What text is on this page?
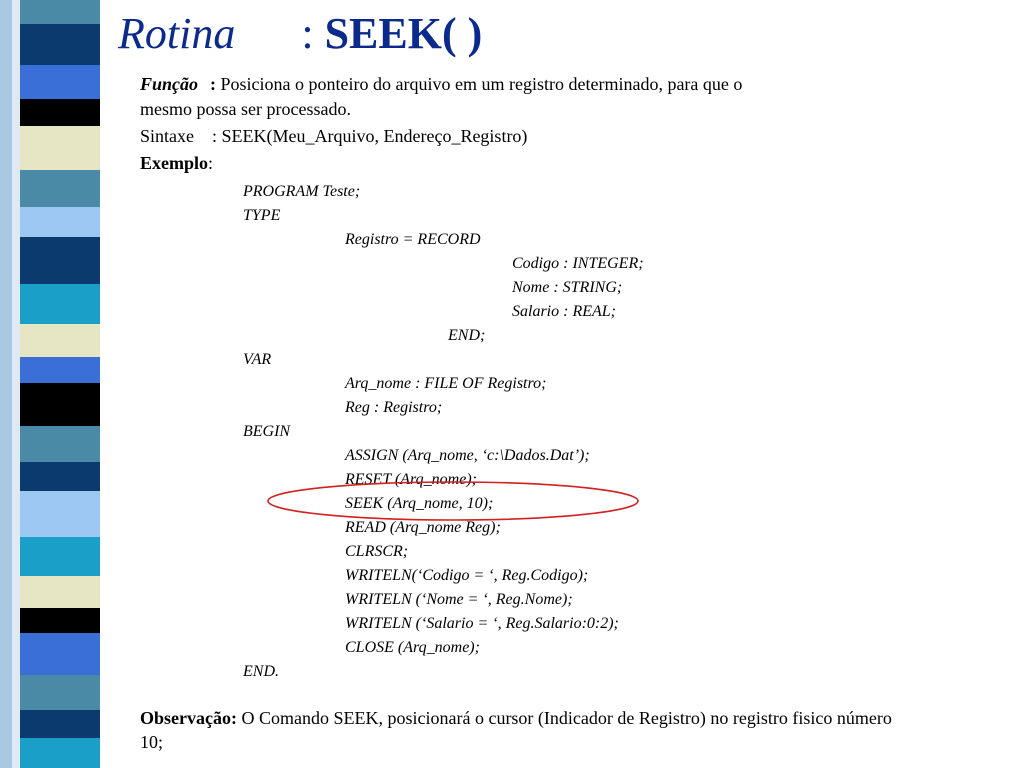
Rotina : SEEK( )
Função : Posiciona o ponteiro do arquivo em um registro determinado, para que o
mesmo possa ser processado.
Sintaxe : SEEK(Meu_Arquivo, Endereço_Registro)
Exemplo:
PROGRAM Teste;
TYPE
Registro = RECORD
Codigo : INTEGER;
Nome : STRING;
Salario : REAL;
END;
VAR
Arq_nome : FILE OF Registro;
Reg : Registro;
BEGIN
ASSIGN (Arq_nome, ‘c:\Dados.Dat’);
RESET (Arq_nome);
SEEK (Arq_nome, 10);
READ (Arq_nome Reg);
CLRSCR;
WRITELN(‘Codigo = ‘, Reg.Codigo);
WRITELN (‘Nome = ‘, Reg.Nome);
WRITELN (‘Salario = ‘, Reg.Salario:0:2);
CLOSE (Arq_nome);
END.
Observação: O Comando SEEK, posicionará o cursor (Indicador de Registro) no registro fisico número
10;
